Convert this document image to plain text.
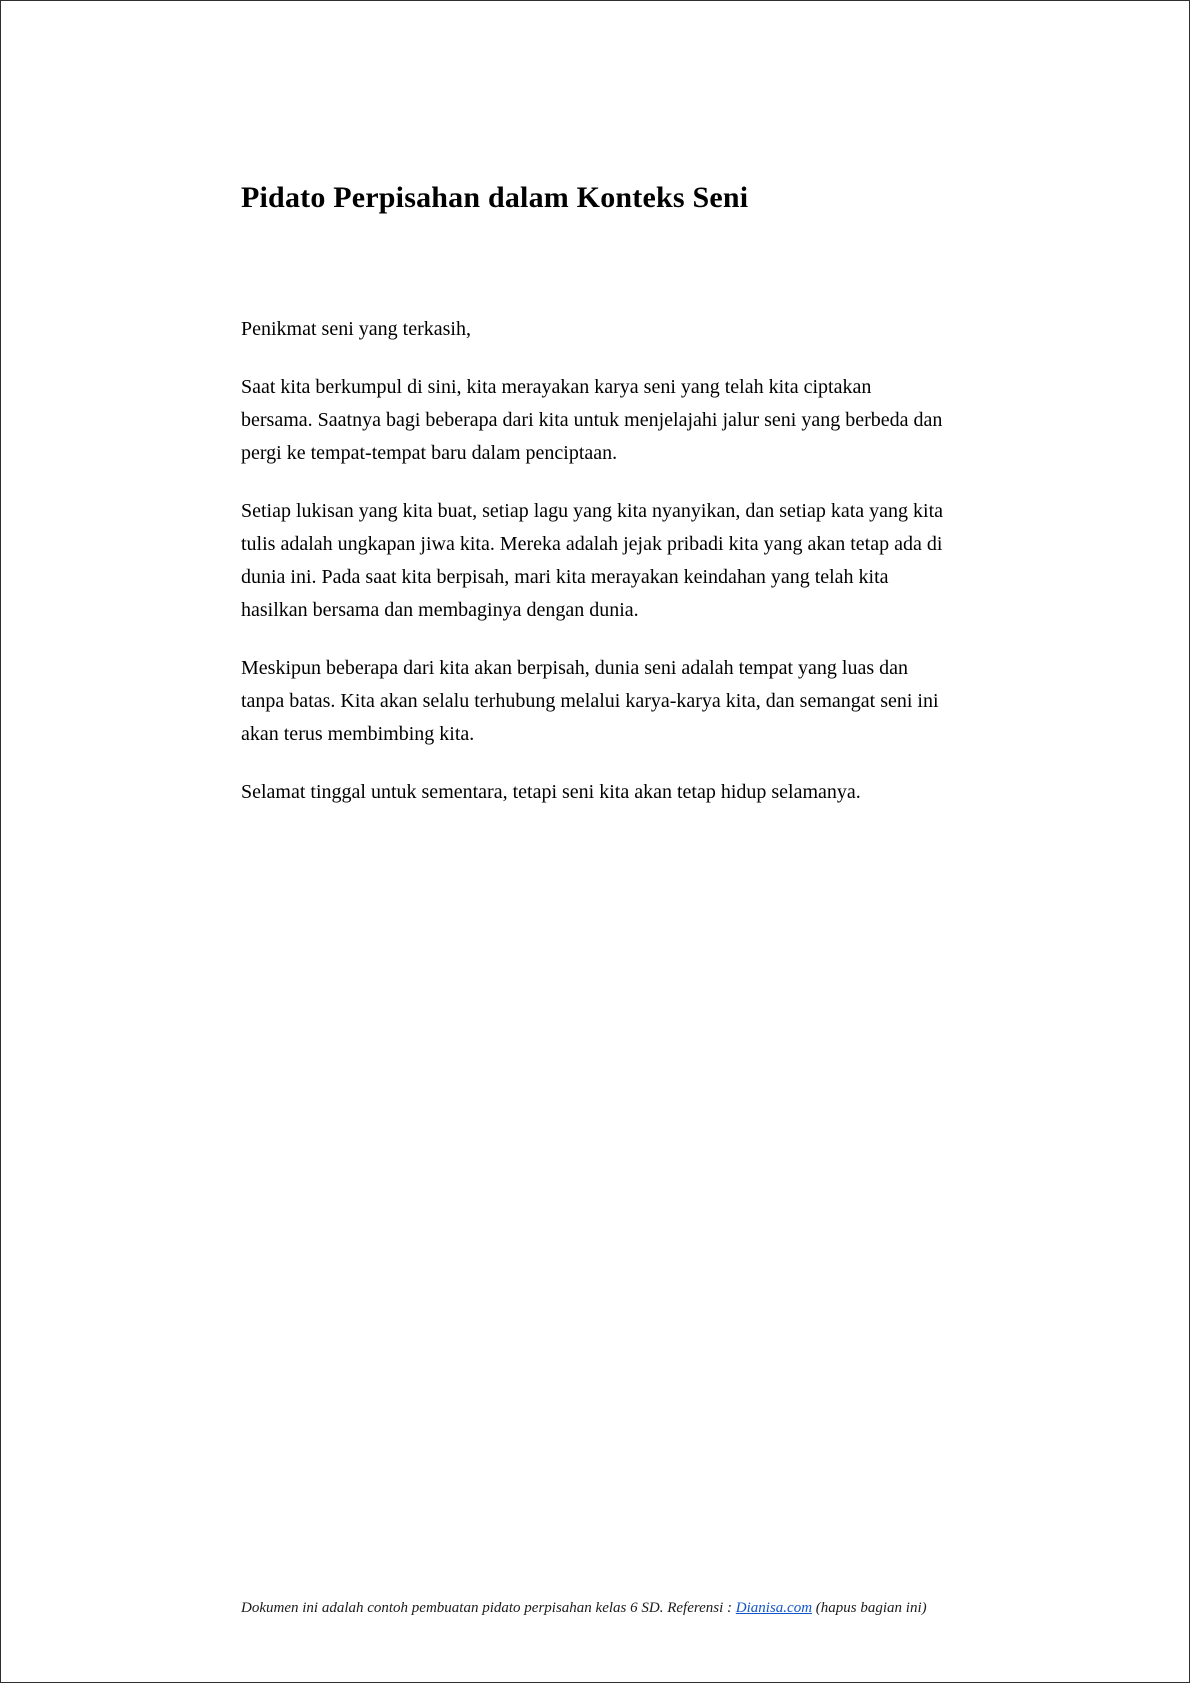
Pidato Perpisahan dalam Konteks Seni

Penikmat seni yang terkasih,

Saat kita berkumpul di sini, kita merayakan karya seni yang telah kita ciptakan bersama. Saatnya bagi beberapa dari kita untuk menjelajahi jalur seni yang berbeda dan pergi ke tempat-tempat baru dalam penciptaan.

Setiap lukisan yang kita buat, setiap lagu yang kita nyanyikan, dan setiap kata yang kita tulis adalah ungkapan jiwa kita. Mereka adalah jejak pribadi kita yang akan tetap ada di dunia ini. Pada saat kita berpisah, mari kita merayakan keindahan yang telah kita hasilkan bersama dan membaginya dengan dunia.

Meskipun beberapa dari kita akan berpisah, dunia seni adalah tempat yang luas dan tanpa batas. Kita akan selalu terhubung melalui karya-karya kita, dan semangat seni ini akan terus membimbing kita.

Selamat tinggal untuk sementara, tetapi seni kita akan tetap hidup selamanya.

Dokumen ini adalah contoh pembuatan pidato perpisahan kelas 6 SD. Referensi : Dianisa.com (hapus bagian ini)
